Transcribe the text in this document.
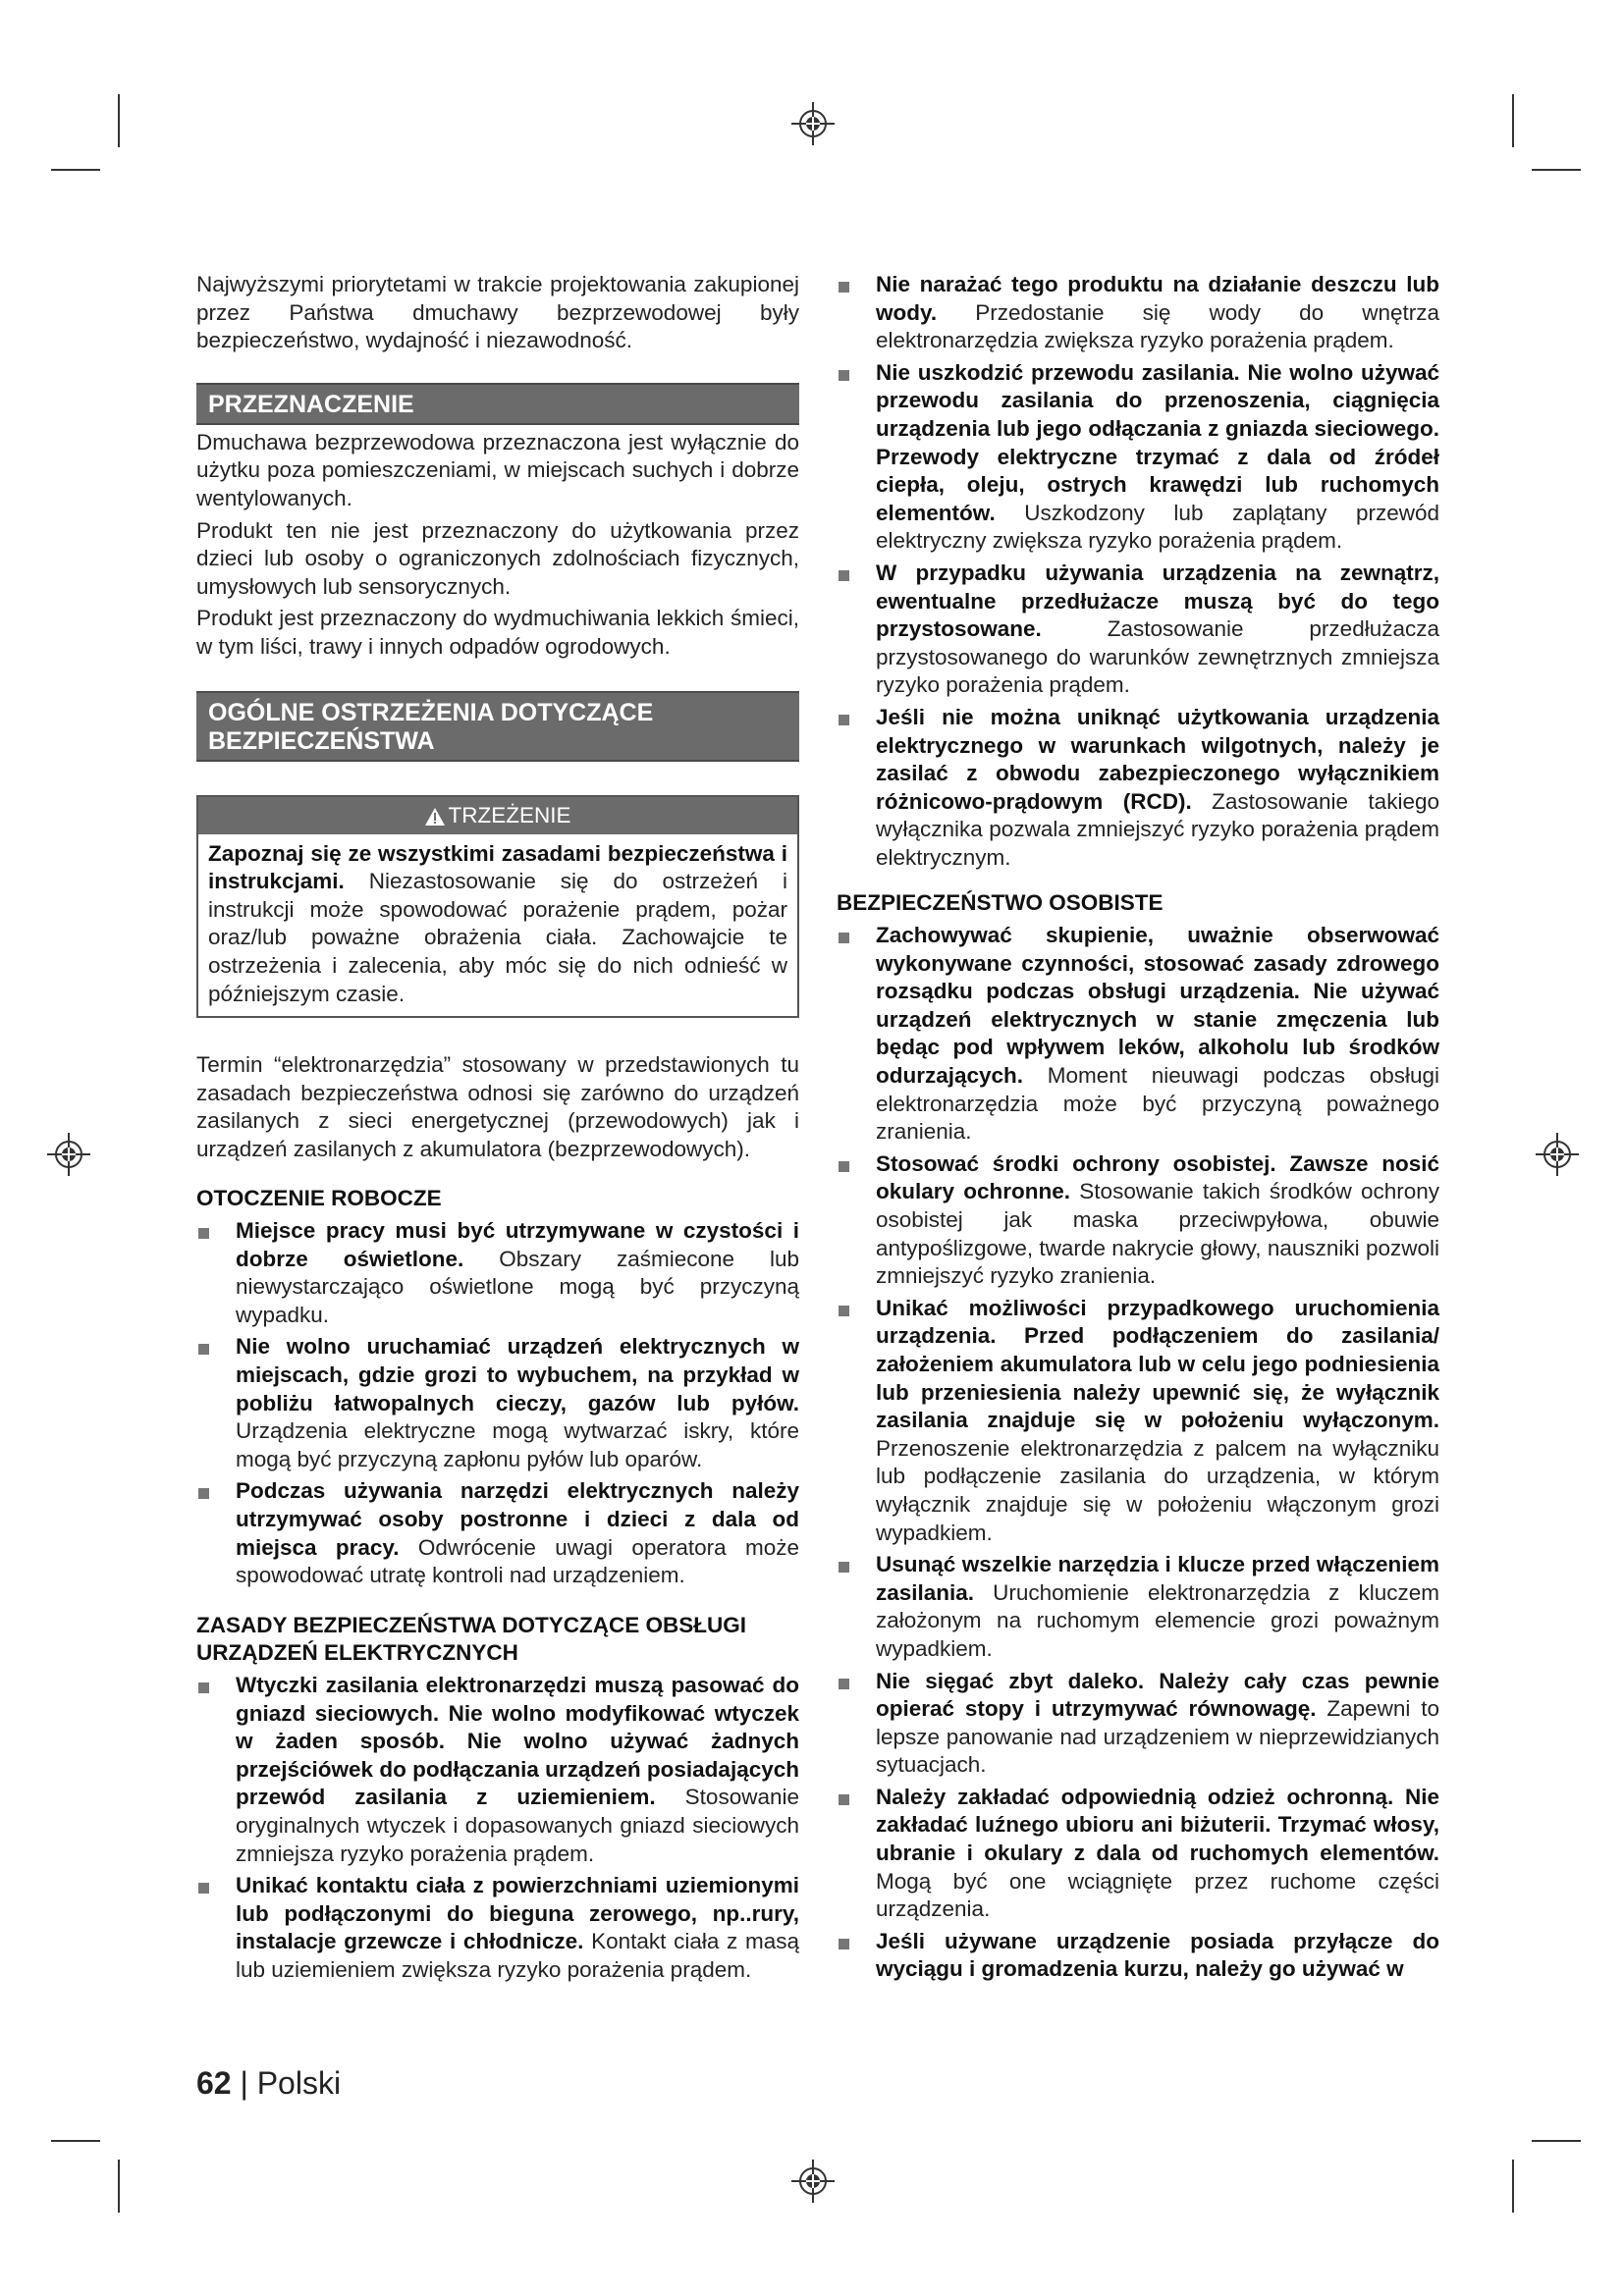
Najwyższymi priorytetami w trakcie projektowania zakupionej przez Państwa dmuchawy bezprzewodowej były bezpieczeństwo, wydajność i niezawodność.

PRZEZNACZENIE

Dmuchawa bezprzewodowa przeznaczona jest wyłącznie do użytku poza pomieszczeniami, w miejscach suchych i dobrze wentylowanych.

Produkt ten nie jest przeznaczony do użytkowania przez dzieci lub osoby o ograniczonych zdolnościach fizycznych, umysłowych lub sensorycznych.

Produkt jest przeznaczony do wydmuchiwania lekkich śmieci, w tym liści, trawy i innych odpadów ogrodowych.

OGÓLNE OSTRZEŻENIA DOTYCZĄCE
BEZPIECZEŃSTWA
TRZEŻENIE

Zapoznaj się ze wszystkimi zasadami bezpieczeństwa i instrukcjami. Niezastosowanie się do ostrzeżeń i instrukcji może spowodować porażenie prądem, pożar oraz/lub poważne obrażenia ciała. Zachowajcie te ostrzeżenia i zalecenia, aby móc się do nich odnieść w późniejszym czasie.

Termin “elektronarzędzia” stosowany w przedstawionych tu zasadach bezpieczeństwa odnosi się zarówno do urządzeń zasilanych z sieci energetycznej (przewodowych) jak i urządzeń zasilanych z akumulatora (bezprzewodowych).

OTOCZENIE ROBOCZE
Miejsce pracy musi być utrzymywane w czystości i dobrze oświetlone. Obszary zaśmiecone lub niewystarczająco oświetlone mogą być przyczyną wypadku.
Nie wolno uruchamiać urządzeń elektrycznych w miejscach, gdzie grozi to wybuchem, na przykład w pobliżu łatwopalnych cieczy, gazów lub pyłów. Urządzenia elektryczne mogą wytwarzać iskry, które mogą być przyczyną zapłonu pyłów lub oparów.
Podczas używania narzędzi elektrycznych należy utrzymywać osoby postronne i dzieci z dala od miejsca pracy. Odwrócenie uwagi operatora może spowodować utratę kontroli nad urządzeniem.
ZASADY BEZPIECZEŃSTWA DOTYCZĄCE OBSŁUGI
URZĄDZEŃ ELEKTRYCZNYCH
Wtyczki zasilania elektronarzędzi muszą pasować do gniazd sieciowych. Nie wolno modyfikować wtyczek w żaden sposób. Nie wolno używać żadnych przejściówek do podłączania urządzeń posiadających przewód zasilania z uziemieniem. Stosowanie oryginalnych wtyczek i dopasowanych gniazd sieciowych zmniejsza ryzyko porażenia prądem.
Unikać kontaktu ciała z powierzchniami uziemionymi lub podłączonymi do bieguna zerowego, np..rury, instalacje grzewcze i chłodnicze. Kontakt ciała z masą lub uziemieniem zwiększa ryzyko porażenia prądem.
Nie narażać tego produktu na działanie deszczu lub wody. Przedostanie się wody do wnętrza elektronarzędzia zwiększa ryzyko porażenia prądem.
Nie uszkodzić przewodu zasilania. Nie wolno używać przewodu zasilania do przenoszenia, ciągnięcia urządzenia lub jego odłączania z gniazda sieciowego. Przewody elektryczne trzymać z dala od źródeł ciepła, oleju, ostrych krawędzi lub ruchomych elementów. Uszkodzony lub zaplątany przewód elektryczny zwiększa ryzyko porażenia prądem.
W przypadku używania urządzenia na zewnątrz, ewentualne przedłużacze muszą być do tego przystosowane. Zastosowanie przedłużacza przystosowanego do warunków zewnętrznych zmniejsza ryzyko porażenia prądem.
Jeśli nie można uniknąć użytkowania urządzenia elektrycznego w warunkach wilgotnych, należy je zasilać z obwodu zabezpieczonego wyłącznikiem różnicowo-prądowym (RCD). Zastosowanie takiego wyłącznika pozwala zmniejszyć ryzyko porażenia prądem elektrycznym.
BEZPIECZEŃSTWO OSOBISTE
Zachowywać skupienie, uważnie obserwować wykonywane czynności, stosować zasady zdrowego rozsądku podczas obsługi urządzenia. Nie używać urządzeń elektrycznych w stanie zmęczenia lub będąc pod wpływem leków, alkoholu lub środków odurzających. Moment nieuwagi podczas obsługi elektronarzędzia może być przyczyną poważnego zranienia.
Stosować środki ochrony osobistej. Zawsze nosić okulary ochronne. Stosowanie takich środków ochrony osobistej jak maska przeciwpyłowa, obuwie antypoślizgowe, twarde nakrycie głowy, nauszniki pozwoli zmniejszyć ryzyko zranienia.
Unikać możliwości przypadkowego uruchomienia urządzenia. Przed podłączeniem do zasilania/ założeniem akumulatora lub w celu jego podniesienia lub przeniesienia należy upewnić się, że wyłącznik zasilania znajduje się w położeniu wyłączonym. Przenoszenie elektronarzędzia z palcem na wyłączniku lub podłączenie zasilania do urządzenia, w którym wyłącznik znajduje się w położeniu włączonym grozi wypadkiem.
Usunąć wszelkie narzędzia i klucze przed włączeniem zasilania. Uruchomienie elektronarzędzia z kluczem założonym na ruchomym elemencie grozi poważnym wypadkiem.
Nie sięgać zbyt daleko. Należy cały czas pewnie opierać stopy i utrzymywać równowagę. Zapewni to lepsze panowanie nad urządzeniem w nieprzewidzianych sytuacjach.
Należy zakładać odpowiednią odzież ochronną. Nie zakładać luźnego ubioru ani biżuterii. Trzymać włosy, ubranie i okulary z dala od ruchomych elementów. Mogą być one wciągnięte przez ruchome części urządzenia.
Jeśli używane urządzenie posiada przyłącze do wyciągu i gromadzenia kurzu, należy go używać w
62 | Polski
